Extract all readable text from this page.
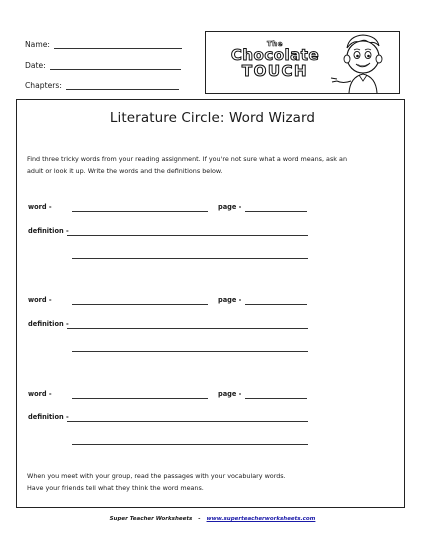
Name:
Date:
Chapters:
The
Chocolate
TOUCH
Literature Circle: Word Wizard
Find three tricky words from your reading assignment. If you're not sure what a word means, ask an
adult or look it up. Write the words and the definitions below.
word -	page -
definition -
word -	page -
definition -
word -	page -
definition -
When you meet with your group, read the passages with your vocabulary words.
Have your friends tell what they think the word means.
Super Teacher Worksheets - www.superteacherworksheets.com
